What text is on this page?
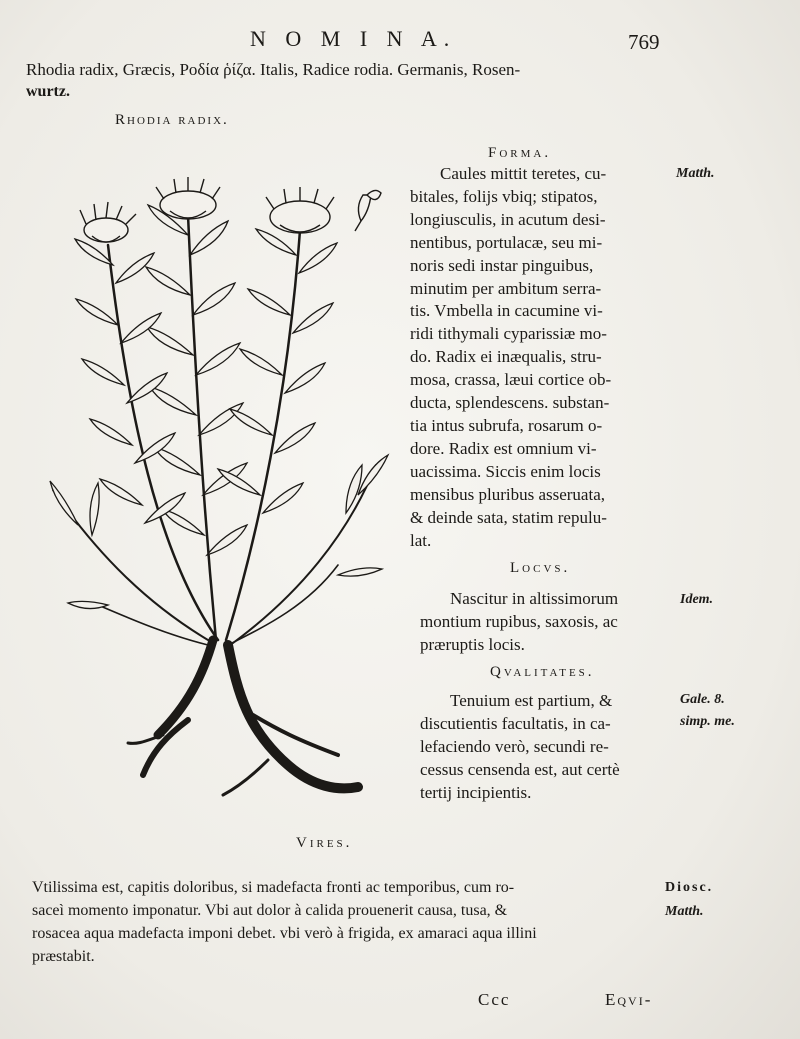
N O M I N A.	769
Rhodia radix, Græcis, Ροδία ῥίζα. Italis, Radice rodia. Germanis, Rosen-
wurtz.
Rhodia radix.
Forma.
Matth.
Caules mittit teretes, cu-
bitales, folijs vbiq; stipatos,
longiusculis, in acutum desi-
nentibus, portulacæ, seu mi-
noris sedi instar pinguibus,
minutim per ambitum serra-
tis. Vmbella in cacumine vi-
ridi tithymali cyparissiæ mo-
do. Radix ei inæqualis, stru-
mosa, crassa, læui cortice ob-
ducta, splendescens. substan-
tia intus subrufa, rosarum o-
dore. Radix est omnium vi-
uacissima. Siccis enim locis
mensibus pluribus asseruata,
& deinde sata, statim repulu-
lat.
Locvs.
Idem.
Nascitur in altissimorum
montium rupibus, saxosis, ac
præruptis locis.
Qvalitates.
Gale. 8.
simp. me.
Tenuium est partium, &
discutientis facultatis, in ca-
lefaciendo verò, secundi re-
cessus censenda est, aut certè
tertij incipientis.
Vires.
Diosc.
Matth.
Vtilissima est, capitis doloribus, si madefacta fronti ac temporibus, cum ro-
saceì momento imponatur. Vbi aut dolor à calida prouenerit causa, tusa, &
rosacea aqua madefacta imponi debet. vbi verò à frigida, ex amaraci aqua illini
præstabit.
Ccc	Eqvi-
